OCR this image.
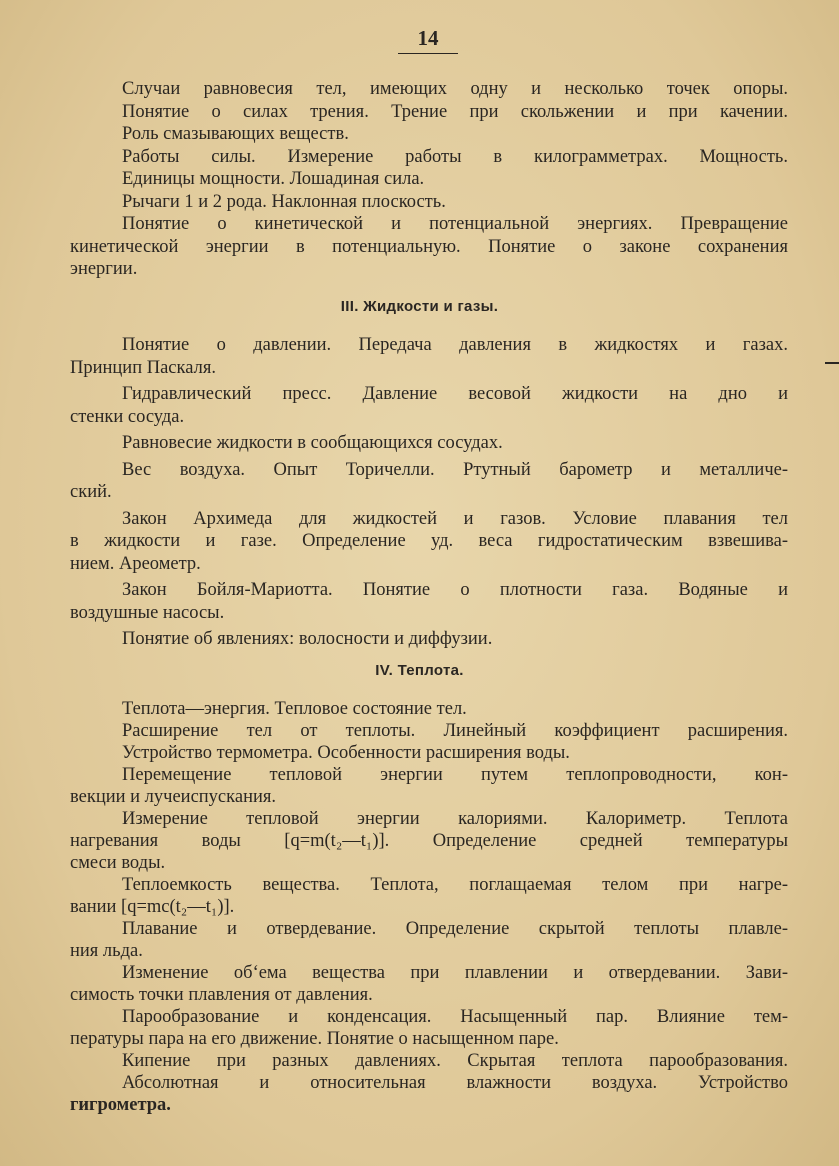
14
Случаи равновесия тел, имеющих одну и несколько точек опоры.
Понятие о силах трения. Трение при скольжении и при качении.
Роль смазывающих веществ.
Работы силы. Измерение работы в килограмметрах. Мощность.
Единицы мощности. Лошадиная сила.
Рычаги 1 и 2 рода. Наклонная плоскость.
Понятие о кинетической и потенциальной энергиях. Превращение
кинетической энергии в потенциальную. Понятие о законе сохранения
энергии.
III. Жидкости и газы.
Понятие о давлении. Передача давления в жидкостях и газах.
Принцип Паскаля.
Гидравлический пресс. Давление весовой жидкости на дно и
стенки сосуда.
Равновесие жидкости в сообщающихся сосудах.
Вес воздуха. Опыт Торичелли. Ртутный барометр и металличе-
ский.
Закон Архимеда для жидкостей и газов. Условие плавания тел
в жидкости и газе. Определение уд. веса гидростатическим взвешива-
нием. Ареометр.
Закон Бойля-Мариотта. Понятие о плотности газа. Водяные и
воздушные насосы.
Понятие об явлениях: волосности и диффузии.
IV. Теплота.
Теплота—энергия. Тепловое состояние тел.
Расширение тел от теплоты. Линейный коэффициент расширения.
Устройство термометра. Особенности расширения воды.
Перемещение тепловой энергии путем теплопроводности, кон-
векции и лучеиспускания.
Измерение тепловой энергии калориями. Калориметр. Теплота
нагревания воды [q=m(t₂—t₁)]. Определение средней температуры
смеси воды.
Теплоемкость вещества. Теплота, поглащаемая телом при нагре-
вании [q=mc(t₂—t₁)].
Плавание и отвердевание. Определение скрытой теплоты плавле-
ния льда.
Изменение об‘ема вещества при плавлении и отвердевании. Зави-
симость точки плавления от давления.
Парообразование и конденсация. Насыщенный пар. Влияние тем-
пературы пара на его движение. Понятие о насыщенном паре.
Кипение при разных давлениях. Скрытая теплота парообразования.
Абсолютная и относительная влажности воздуха. Устройство
гигрометра.
